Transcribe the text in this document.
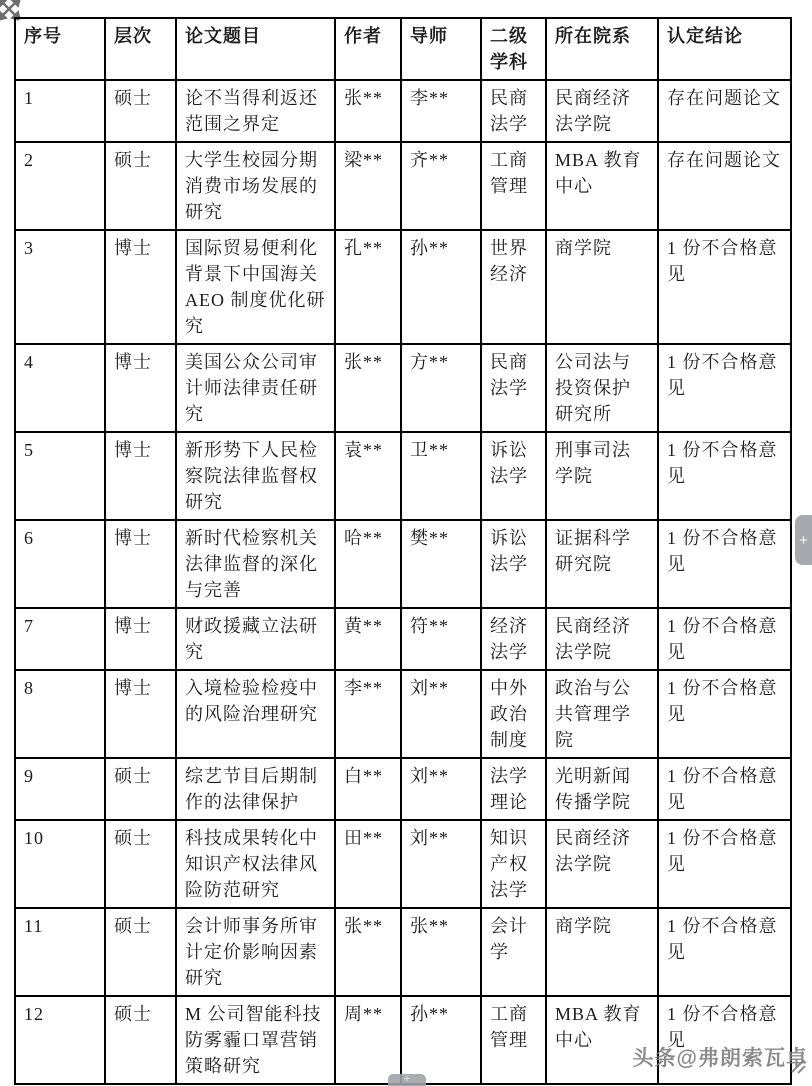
序号	层次	论文题目	作者	导师	二级学科	所在院系	认定结论
1	硕士	论不当得利返还范围之界定	张**	李**	民商法学	民商经济法学院	存在问题论文
2	硕士	大学生校园分期消费市场发展的研究	梁**	齐**	工商管理	MBA 教育中心	存在问题论文
3	博士	国际贸易便利化背景下中国海关 AEO 制度优化研究	孔**	孙**	世界经济	商学院	1 份不合格意见
4	博士	美国公众公司审计师法律责任研究	张**	方**	民商法学	公司法与投资保护研究所	1 份不合格意见
5	博士	新形势下人民检察院法律监督权研究	袁**	卫**	诉讼法学	刑事司法学院	1 份不合格意见
6	博士	新时代检察机关法律监督的深化与完善	哈**	樊**	诉讼法学	证据科学研究院	1 份不合格意见
7	博士	财政援藏立法研究	黄**	符**	经济法学	民商经济法学院	1 份不合格意见
8	博士	入境检验检疫中的风险治理研究	李**	刘**	中外政治制度	政治与公共管理学院	1 份不合格意见
9	硕士	综艺节目后期制作的法律保护	白**	刘**	法学理论	光明新闻传播学院	1 份不合格意见
10	硕士	科技成果转化中知识产权法律风险防范研究	田**	刘**	知识产权法学	民商经济法学院	1 份不合格意见
11	硕士	会计师事务所审计定价影响因素研究	张**	张**	会计学	商学院	1 份不合格意见
12	硕士	M 公司智能科技防雾霾口罩营销策略研究	周**	孙**	工商管理	MBA 教育中心	1 份不合格意见
+
+
头条@弗朗索瓦卓
